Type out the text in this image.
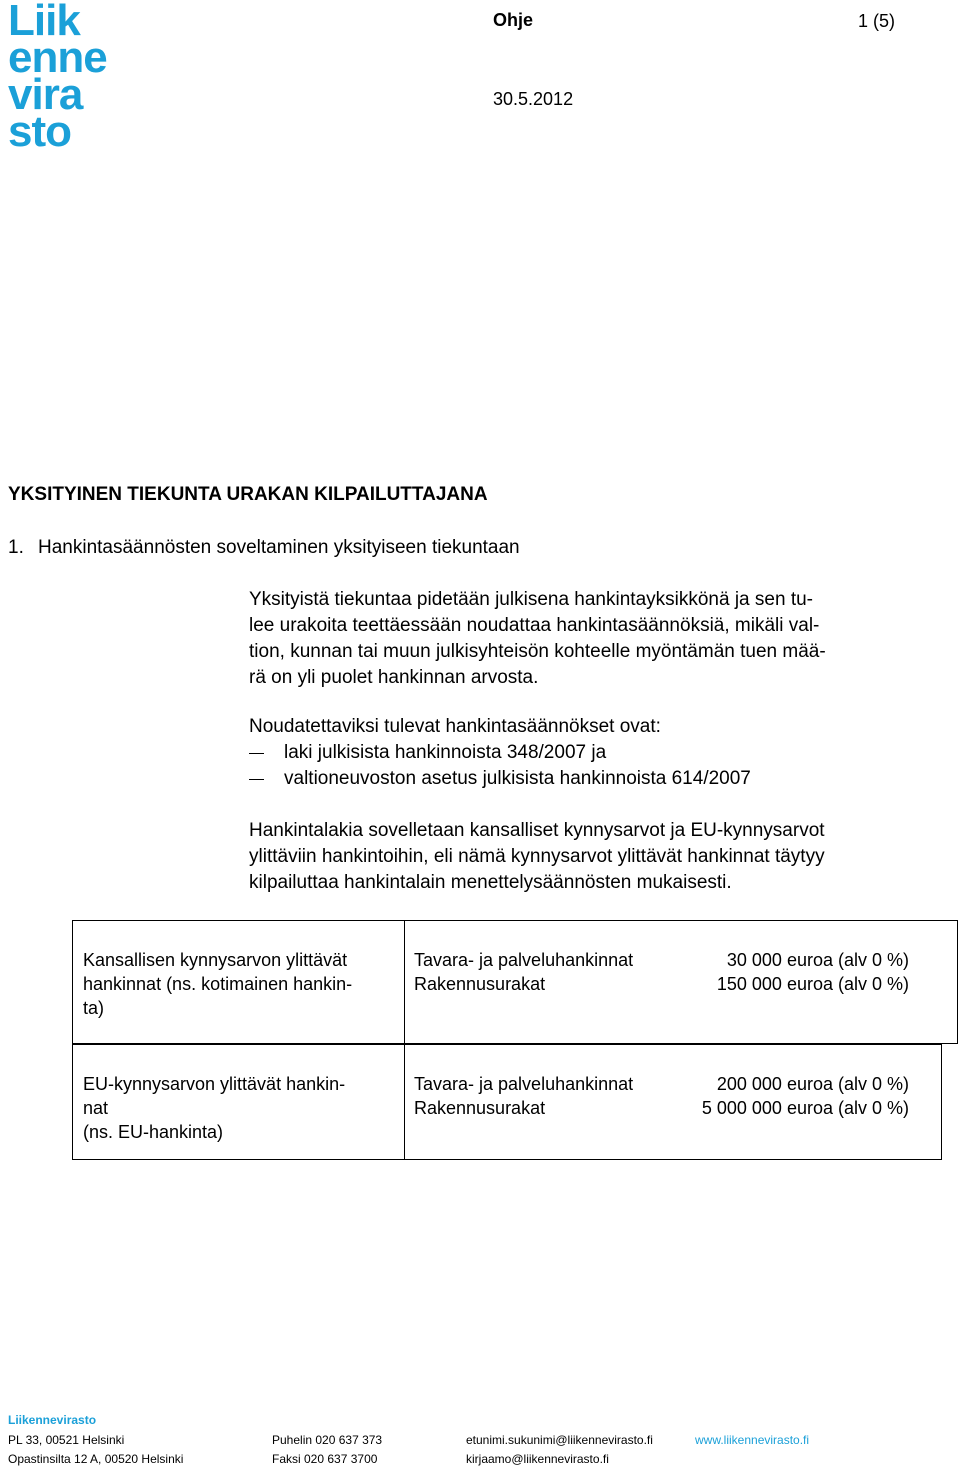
Liik
enne
vira
sto
Ohje	1 (5)
30.5.2012
YKSITYINEN TIEKUNTA URAKAN KILPAILUTTAJANA
1. Hankintasäännösten soveltaminen yksityiseen tiekuntaan
Yksityistä tiekuntaa pidetään julkisena hankintayksikkönä ja sen tu-
lee urakoita teettäessään noudattaa hankintasäännöksiä, mikäli val-
tion, kunnan tai muun julkisyhteisön kohteelle myöntämän tuen mää-
rä on yli puolet hankinnan arvosta.
Noudatettaviksi tulevat hankintasäännökset ovat:
laki julkisista hankinnoista 348/2007 ja
valtioneuvoston asetus julkisista hankinnoista 614/2007
Hankintalakia sovelletaan kansalliset kynnysarvot ja EU-kynnysarvot
ylittäviin hankintoihin, eli nämä kynnysarvot ylittävät hankinnat täytyy
kilpailuttaa hankintalain menettelysäännösten mukaisesti.
Kansallisen kynnysarvon ylittävät
hankinnat (ns. kotimainen hankin-
ta)
Tavara- ja palveluhankinnat	30 000 euroa (alv 0 %)
Rakennusurakat	150 000 euroa (alv 0 %)
EU-kynnysarvon ylittävät hankin-
nat
(ns. EU-hankinta)
Tavara- ja palveluhankinnat	200 000 euroa (alv 0 %)
Rakennusurakat	5 000 000 euroa (alv 0 %)
Liikennevirasto
PL 33, 00521 Helsinki
Opastinsilta 12 A, 00520 Helsinki
Puhelin 020 637 373
Faksi 020 637 3700
etunimi.sukunimi@liikennevirasto.fi
kirjaamo@liikennevirasto.fi
www.liikennevirasto.fi
